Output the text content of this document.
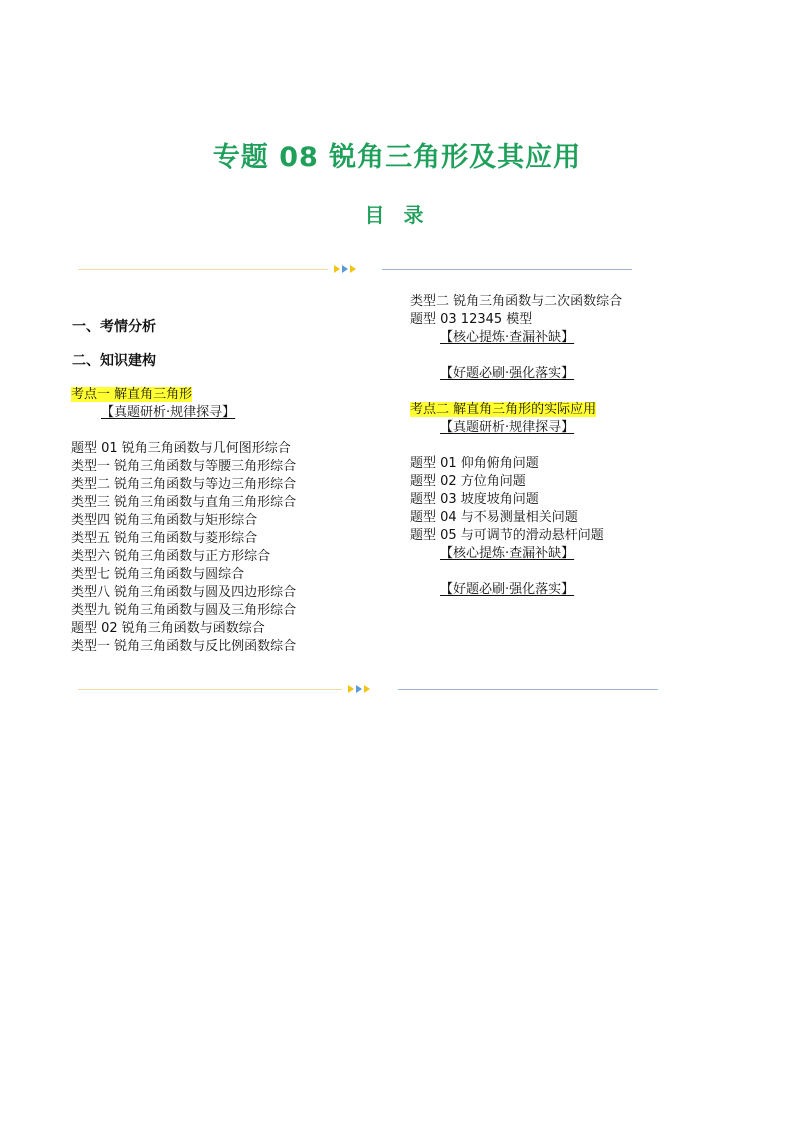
专题 08 锐角三角形及其应用
目 录
一、考情分析
二、知识建构
考点一 解直角三角形
【真题研析·规律探寻】
题型 01 锐角三角函数与几何图形综合
类型一 锐角三角函数与等腰三角形综合
类型二 锐角三角函数与等边三角形综合
类型三 锐角三角函数与直角三角形综合
类型四 锐角三角函数与矩形综合
类型五 锐角三角函数与菱形综合
类型六 锐角三角函数与正方形综合
类型七 锐角三角函数与圆综合
类型八 锐角三角函数与圆及四边形综合
类型九 锐角三角函数与圆及三角形综合
题型 02 锐角三角函数与函数综合
类型一 锐角三角函数与反比例函数综合
类型二 锐角三角函数与二次函数综合
题型 03 12345 模型
【核心提炼·查漏补缺】
【好题必刷·强化落实】
考点二 解直角三角形的实际应用
【真题研析·规律探寻】
题型 01 仰角俯角问题
题型 02 方位角问题
题型 03 坡度坡角问题
题型 04 与不易测量相关问题
题型 05 与可调节的滑动悬杆问题
【核心提炼·查漏补缺】
【好题必刷·强化落实】
